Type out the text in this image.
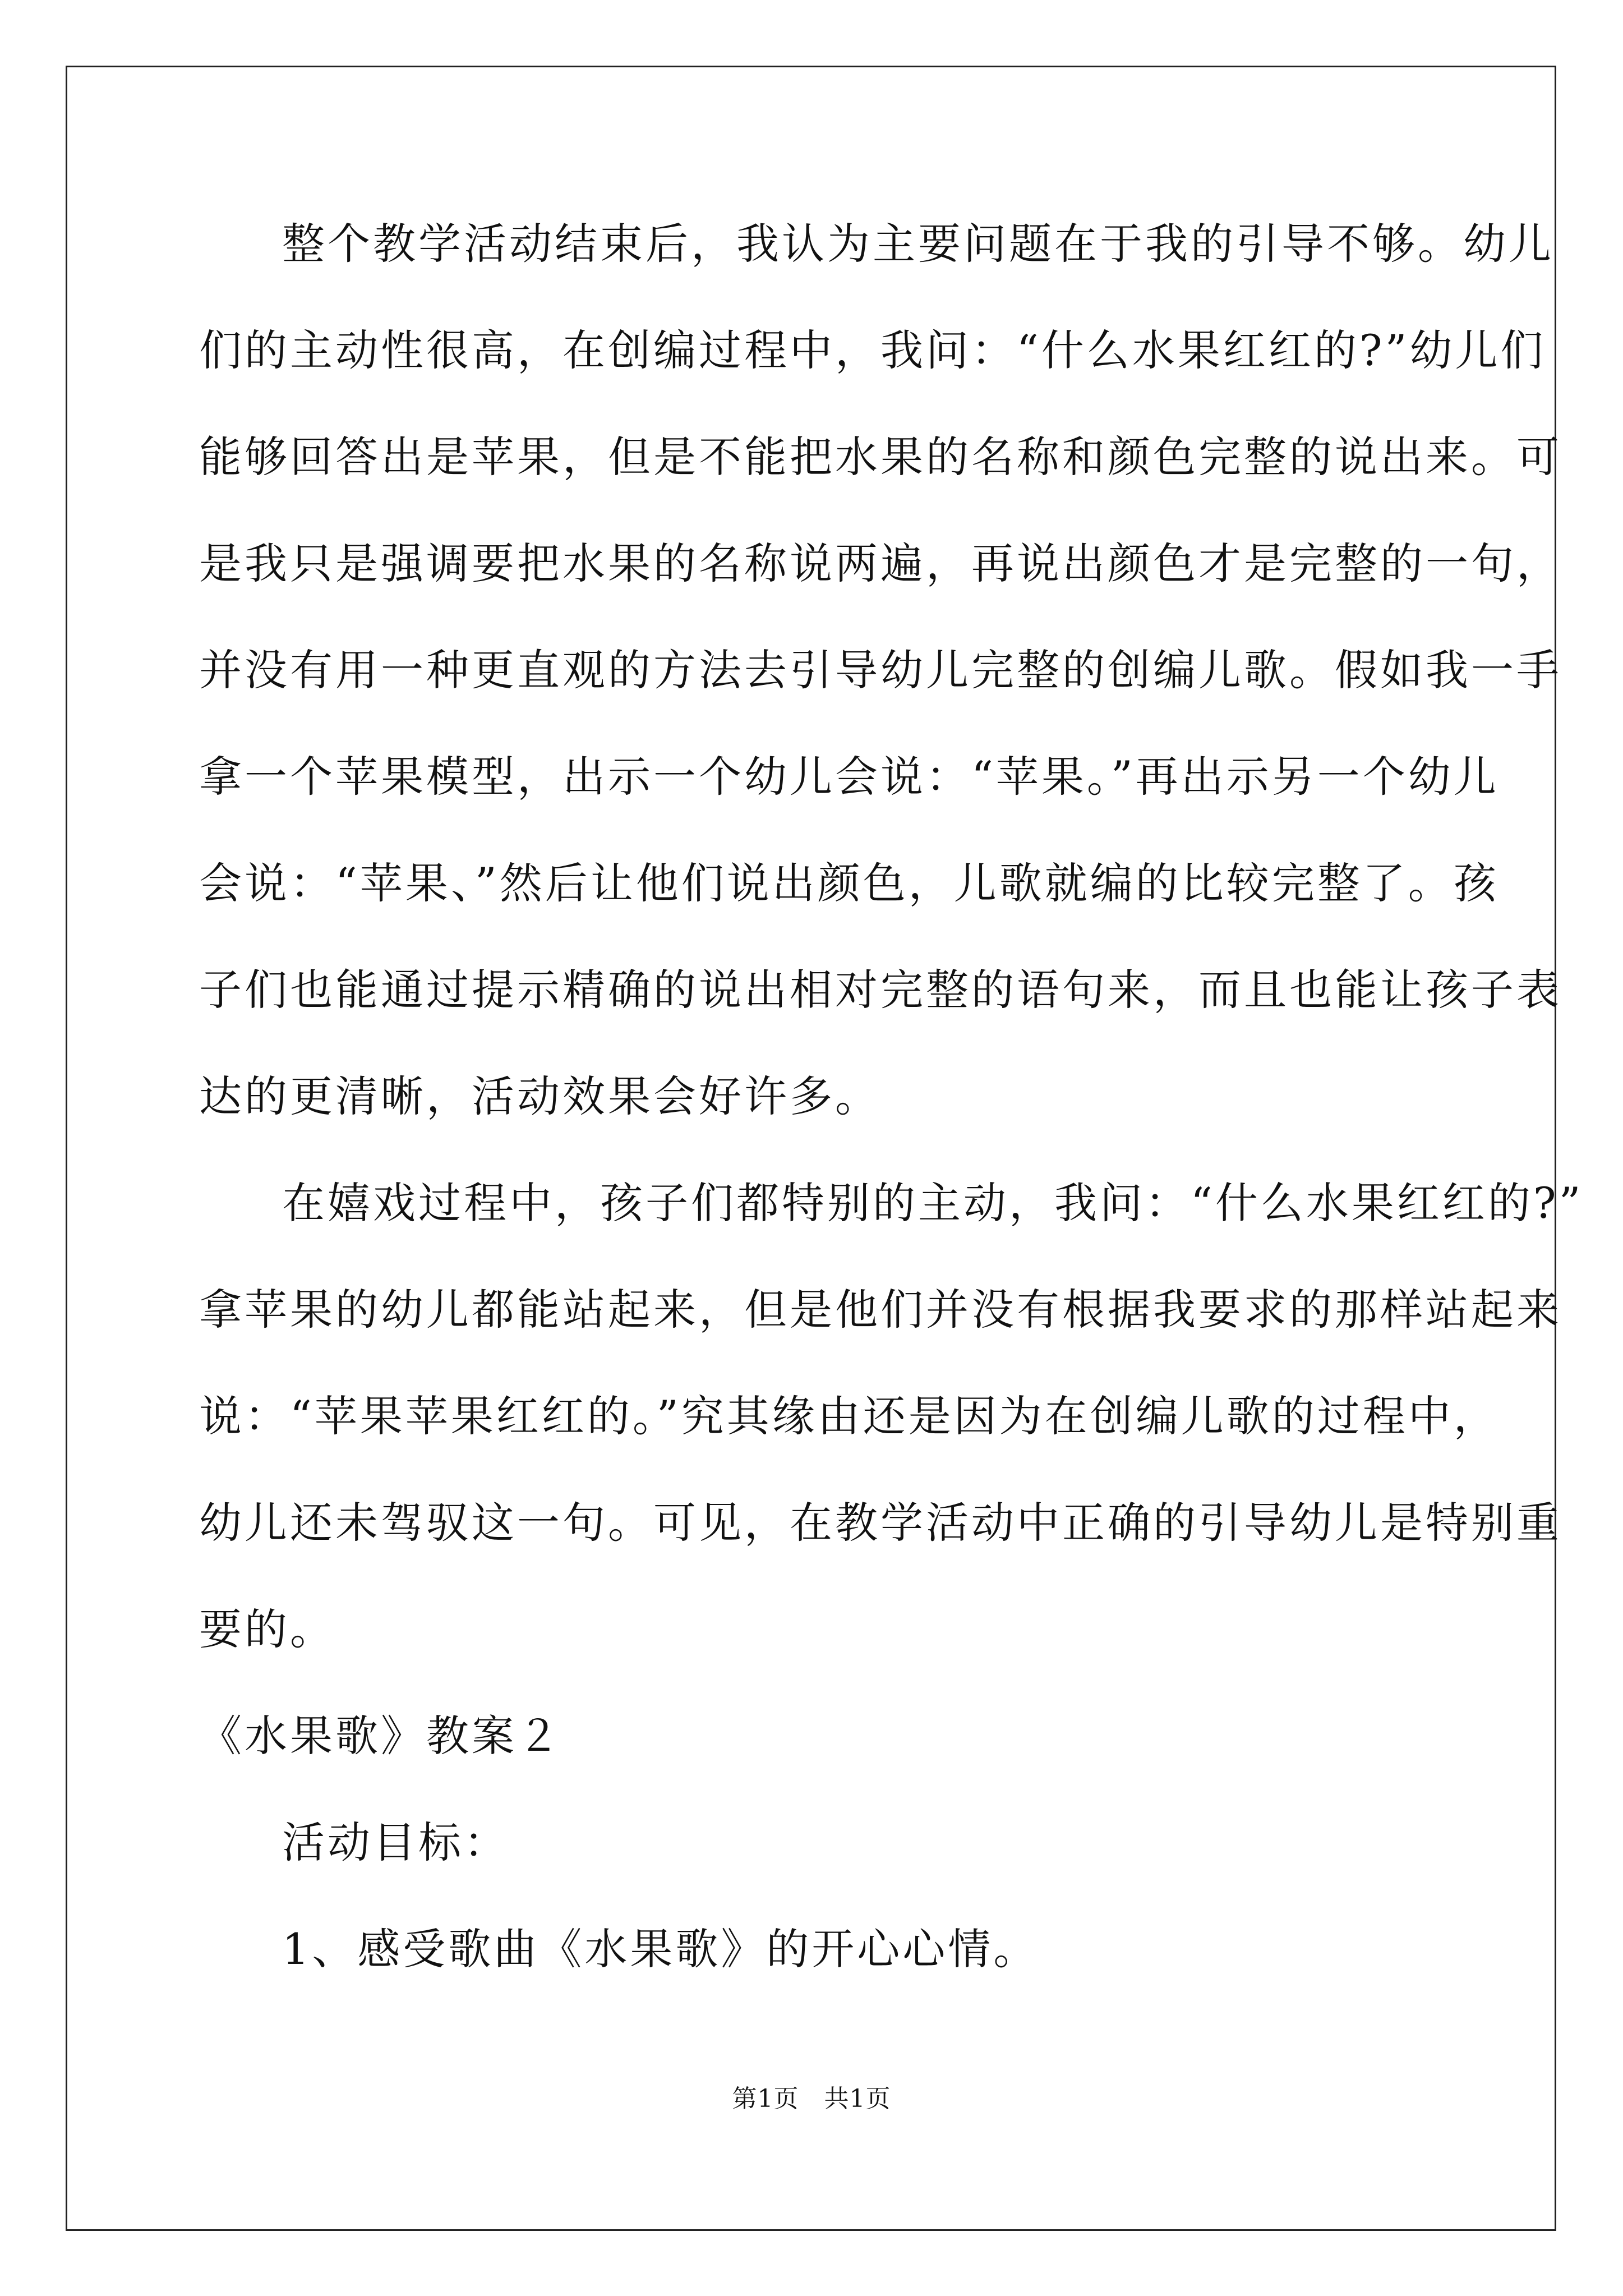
整个教学活动结束后，我认为主要问题在于我的引导不够。幼儿
们的主动性很高，在创编过程中，我问：“什么水果红红的?”幼儿们
能够回答出是苹果，但是不能把水果的名称和颜色完整的说出来。可
是我只是强调要把水果的名称说两遍，再说出颜色才是完整的一句，
并没有用一种更直观的方法去引导幼儿完整的创编儿歌。假如我一手
拿一个苹果模型，出示一个幼儿会说：“苹果。”再出示另一个幼儿
会说：“苹果、”然后让他们说出颜色，儿歌就编的比较完整了。孩
子们也能通过提示精确的说出相对完整的语句来，而且也能让孩子表
达的更清晰，活动效果会好许多。
在嬉戏过程中，孩子们都特别的主动，我问：“什么水果红红的?”
拿苹果的幼儿都能站起来，但是他们并没有根据我要求的那样站起来
说：“苹果苹果红红的。”究其缘由还是因为在创编儿歌的过程中，
幼儿还未驾驭这一句。可见，在教学活动中正确的引导幼儿是特别重
要的。
《水果歌》教案２
活动目标：
1、感受歌曲《水果歌》的开心心情。
第1页　共1页
